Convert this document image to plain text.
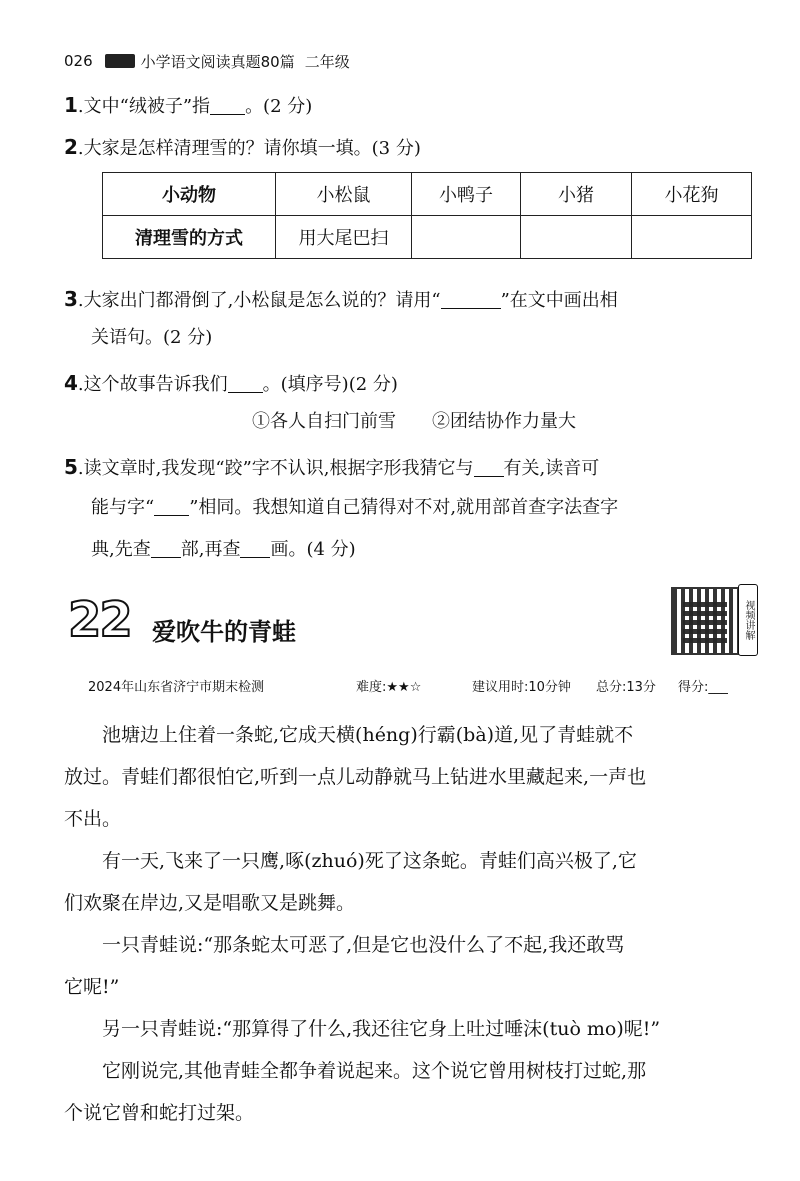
026	小学语文阅读真题80篇 二年级
1.文中“绒被子”指 。(2 分)
2.大家是怎样清理雪的？请你填一填。(3 分)
小动物	小松鼠	小鸭子	小猪	小花狗
清理雪的方式	用大尾巴扫			
3.大家出门都滑倒了,小松鼠是怎么说的？请用“	”在文中画出相
关语句。(2 分)
4.这个故事告诉我们 。(填序号)(2 分)
①各人自扫门前雪　　②团结协作力量大
5.读文章时,我发现“跤”字不认识,根据字形我猜它与 有关,读音可
能与字“ ”相同。我想知道自己猜得对不对,就用部首查字法查字
典,先查 部,再查 画。(4 分)
22 爱吹牛的青蛙	视频讲解
2024年山东省济宁市期末检测	难度:★★☆	建议用时:10分钟 总分:13分 得分:___
　　池塘边上住着一条蛇,它成天横(héng)行霸(bà)道,见了青蛙就不
放过。青蛙们都很怕它,听到一点儿动静就马上钻进水里藏起来,一声也
不出。
　　有一天,飞来了一只鹰,啄(zhuó)死了这条蛇。青蛙们高兴极了,它
们欢聚在岸边,又是唱歌又是跳舞。
　　一只青蛙说:“那条蛇太可恶了,但是它也没什么了不起,我还敢骂
它呢!”
　　另一只青蛙说:“那算得了什么,我还往它身上吐过唾沫(tuò mo)呢!”
　　它刚说完,其他青蛙全都争着说起来。这个说它曾用树枝打过蛇,那
个说它曾和蛇打过架。
